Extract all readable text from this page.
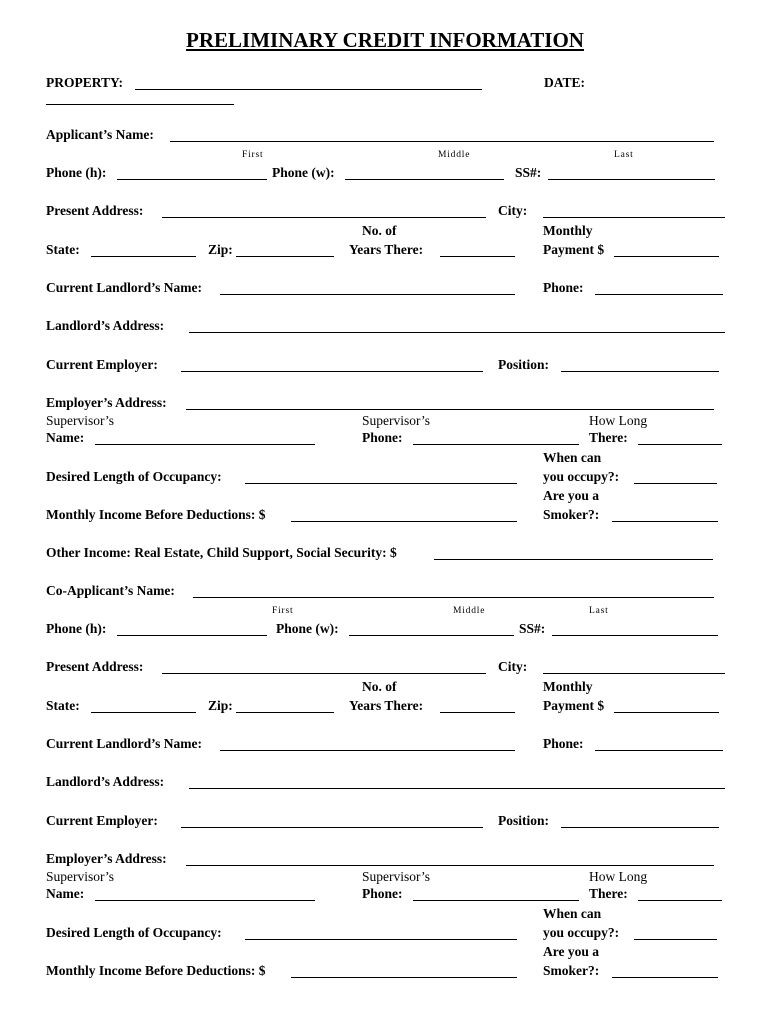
PRELIMINARY CREDIT INFORMATION
PROPERTY:	DATE:
Applicant’s Name:
First	Middle	Last
Phone (h):	Phone (w):	SS#:
Present Address:	City:
No. of	Monthly
State:	Zip:	Years There:	Payment $
Current Landlord’s Name:	Phone:
Landlord’s Address:
Current Employer:	Position:
Employer’s Address:
Supervisor’s	Supervisor’s	How Long
Name:	Phone:	There:
When can
Desired Length of Occupancy:	you occupy?:
Are you a
Monthly Income Before Deductions: $	Smoker?:
Other Income: Real Estate, Child Support, Social Security: $
Co-Applicant’s Name:
First	Middle	Last
Phone (h):	Phone (w):	SS#:
Present Address:	City:
No. of	Monthly
State:	Zip:	Years There:	Payment $
Current Landlord’s Name:	Phone:
Landlord’s Address:
Current Employer:	Position:
Employer’s Address:
Supervisor’s	Supervisor’s	How Long
Name:	Phone:	There:
When can
Desired Length of Occupancy:	you occupy?:
Are you a
Monthly Income Before Deductions: $	Smoker?:
